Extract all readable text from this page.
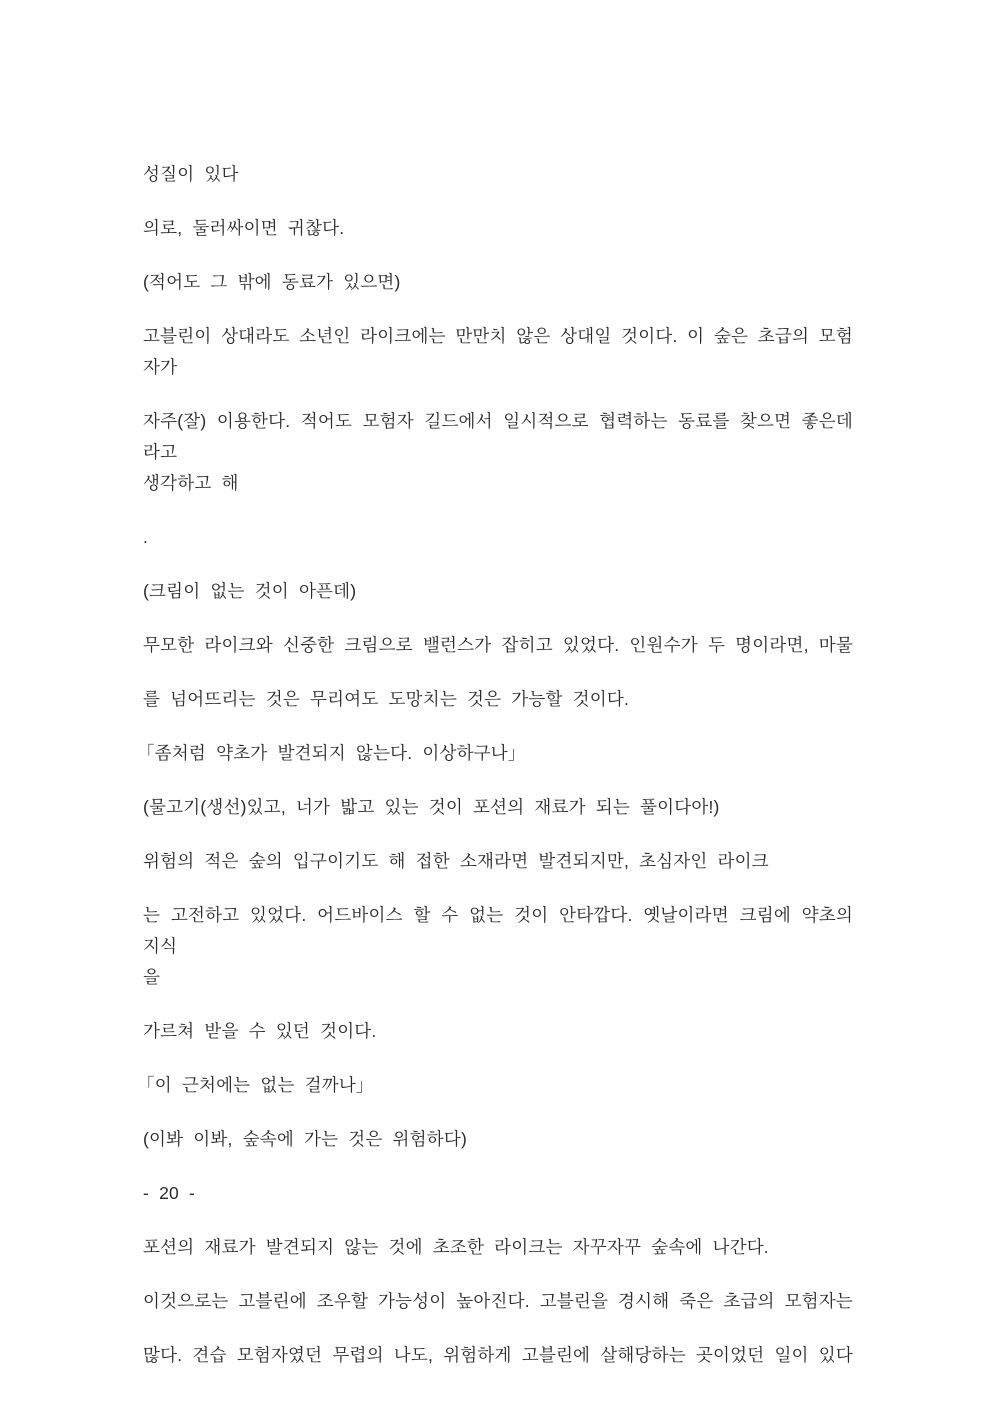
성질이 있다
의로, 둘러싸이면 귀찮다.
(적어도 그 밖에 동료가 있으면)
고블린이 상대라도 소년인 라이크에는 만만치 않은 상대일 것이다. 이 숲은 초급의 모험자가
자주(잘) 이용한다. 적어도 모험자 길드에서 일시적으로 협력하는 동료를 찾으면 좋은데라고
생각하고 해
.
(크림이 없는 것이 아픈데)
무모한 라이크와 신중한 크림으로 밸런스가 잡히고 있었다. 인원수가 두 명이라면, 마물
를 넘어뜨리는 것은 무리여도 도망치는 것은 가능할 것이다.
「좀처럼 약초가 발견되지 않는다. 이상하구나」
(물고기(생선)있고, 너가 밟고 있는 것이 포션의 재료가 되는 풀이다아!)
위험의 적은 숲의 입구이기도 해 접한 소재라면 발견되지만, 초심자인 라이크
는 고전하고 있었다. 어드바이스 할 수 없는 것이 안타깝다. 옛날이라면 크림에 약초의 지식
을
가르쳐 받을 수 있던 것이다.
「이 근처에는 없는 걸까나」
(이봐 이봐, 숲속에 가는 것은 위험하다)
- 20 -
포션의 재료가 발견되지 않는 것에 초조한 라이크는 자꾸자꾸 숲속에 나간다.
이것으로는 고블린에 조우할 가능성이 높아진다. 고블린을 경시해 죽은 초급의 모험자는
많다. 견습 모험자였던 무렵의 나도, 위험하게 고블린에 살해당하는 곳이었던 일이 있다
